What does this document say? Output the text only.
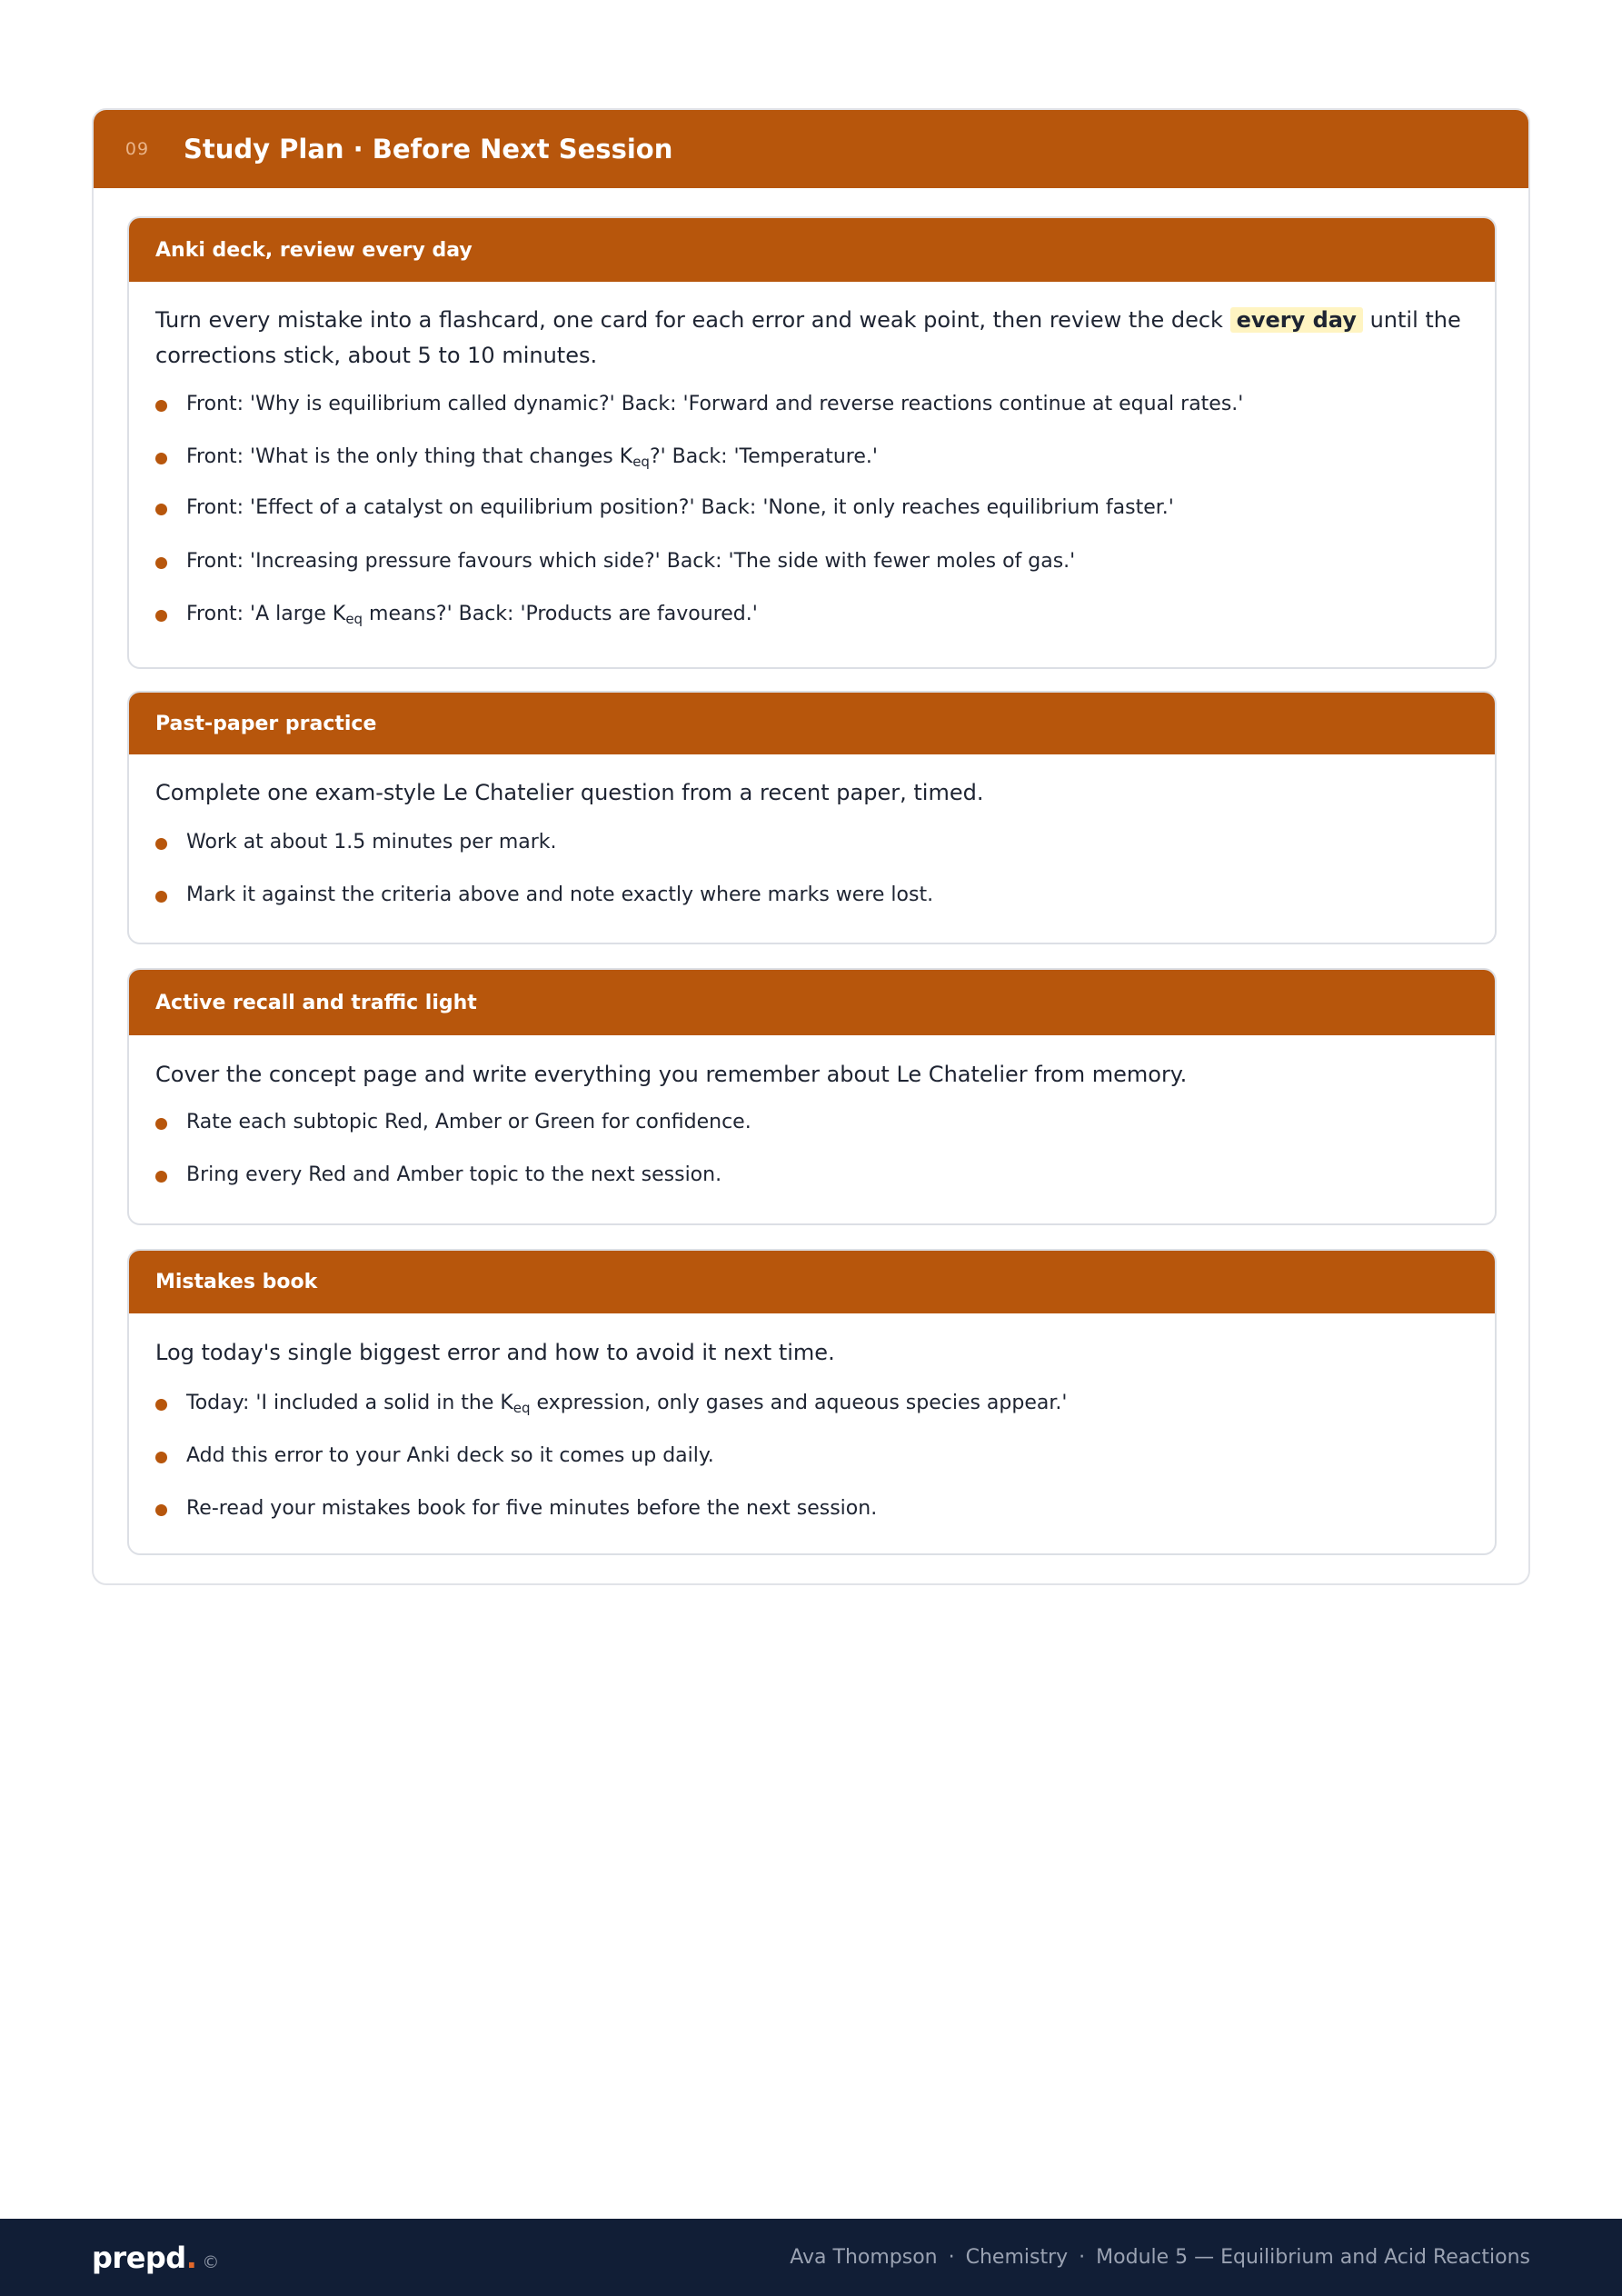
09	Study Plan · Before Next Session
Anki deck, review every day
Turn every mistake into a flashcard, one card for each error and weak point, then review the deck every day until the corrections stick, about 5 to 10 minutes.
Front: 'Why is equilibrium called dynamic?' Back: 'Forward and reverse reactions continue at equal rates.'
Front: 'What is the only thing that changes $K_{eq}?'$ Back: 'Temperature.'
Front: 'Effect of a catalyst on equilibrium position?' Back: 'None, it only reaches equilibrium faster.'
Front: 'Increasing pressure favours which side?' Back: 'The side with fewer moles of gas.'
Front: 'A large $K_{eq}$ means?' Back: 'Products are favoured.'
Past-paper practice
Complete one exam-style Le Chatelier question from a recent paper, timed.
Work at about 1.5 minutes per mark.
Mark it against the criteria above and note exactly where marks were lost.
Active recall and traffic light
Cover the concept page and write everything you remember about Le Chatelier from memory.
Rate each subtopic Red, Amber or Green for confidence.
Bring every Red and Amber topic to the next session.
Mistakes book
Log today's single biggest error and how to avoid it next time.
Today: 'I included a solid in the $K_{eq}$ expression, only gases and aqueous species appear.'
Add this error to your Anki deck so it comes up daily.
Re-read your mistakes book for five minutes before the next session.
prepd . ©	Ava Thompson · Chemistry · Module 5 — Equilibrium and Acid Reactions
